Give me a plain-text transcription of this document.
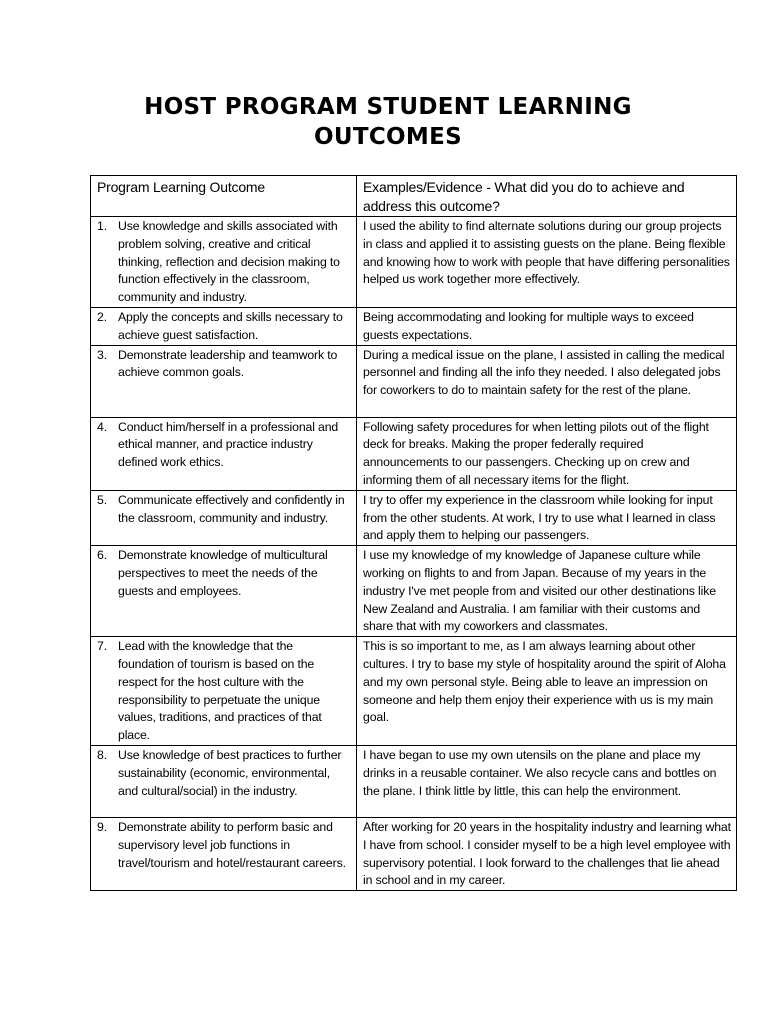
HOST PROGRAM STUDENT LEARNING
OUTCOMES
Program Learning Outcome	Examples/Evidence - What did you do to achieve and address this outcome?

1. Use knowledge and skills associated with problem solving, creative and critical thinking, reflection and decision making to function effectively in the classroom, community and industry.	I used the ability to find alternate solutions during our group projects in class and applied it to assisting guests on the plane. Being flexible and knowing how to work with people that have differing personalities helped us work together more effectively.

2. Apply the concepts and skills necessary to achieve guest satisfaction.	Being accommodating and looking for multiple ways to exceed guests expectations.

3. Demonstrate leadership and teamwork to achieve common goals.	During a medical issue on the plane, I assisted in calling the medical personnel and finding all the info they needed. I also delegated jobs for coworkers to do to maintain safety for the rest of the plane.

4. Conduct him/herself in a professional and ethical manner, and practice industry defined work ethics.	Following safety procedures for when letting pilots out of the flight deck for breaks. Making the proper federally required announcements to our passengers. Checking up on crew and informing them of all necessary items for the flight.

5. Communicate effectively and confidently in the classroom, community and industry.	I try to offer my experience in the classroom while looking for input from the other students. At work, I try to use what I learned in class and apply them to helping our passengers.

6. Demonstrate knowledge of multicultural perspectives to meet the needs of the guests and employees.	I use my knowledge of my knowledge of Japanese culture while working on flights to and from Japan. Because of my years in the industry I've met people from and visited our other destinations like New Zealand and Australia. I am familiar with their customs and share that with my coworkers and classmates.

7. Lead with the knowledge that the foundation of tourism is based on the respect for the host culture with the responsibility to perpetuate the unique values, traditions, and practices of that place.	This is so important to me, as I am always learning about other cultures. I try to base my style of hospitality around the spirit of Aloha and my own personal style. Being able to leave an impression on someone and help them enjoy their experience with us is my main goal.

8. Use knowledge of best practices to further sustainability (economic, environmental, and cultural/social) in the industry.	I have began to use my own utensils on the plane and place my drinks in a reusable container. We also recycle cans and bottles on the plane. I think little by little, this can help the environment.

9. Demonstrate ability to perform basic and supervisory level job functions in travel/tourism and hotel/restaurant careers.	After working for 20 years in the hospitality industry and learning what I have from school. I consider myself to be a high level employee with supervisory potential. I look forward to the challenges that lie ahead in school and in my career.
